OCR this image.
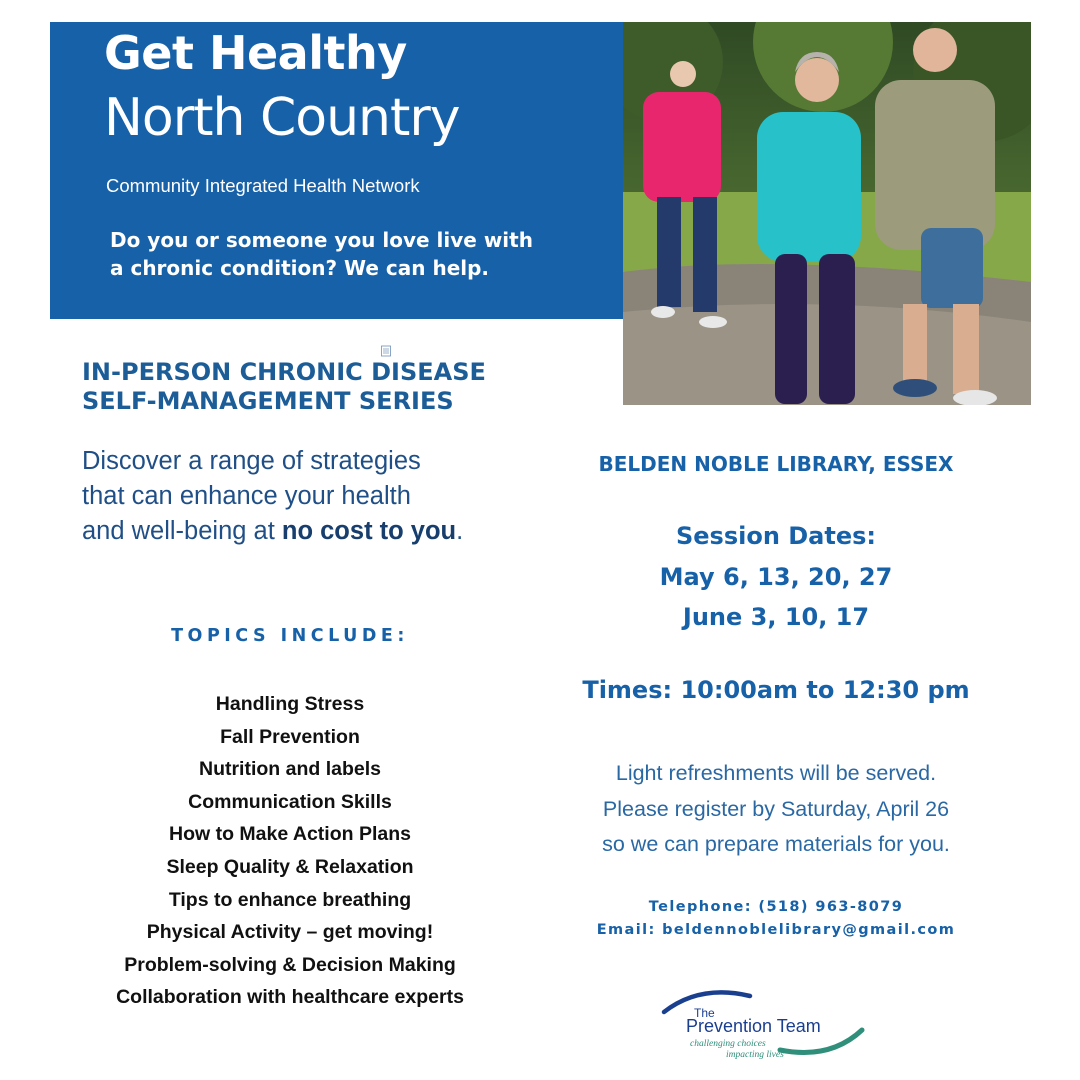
Get Healthy
North Country
Community Integrated Health Network
Do you or someone you love live with
a chronic condition? We can help.
IN-PERSON CHRONIC DISEASE
SELF-MANAGEMENT SERIES
Discover a range of strategies
that can enhance your health
and well-being at no cost to you.
TOPICS INCLUDE:
Handling Stress
Fall Prevention
Nutrition and labels
Communication Skills
How to Make Action Plans
Sleep Quality & Relaxation
Tips to enhance breathing
Physical Activity – get moving!
Problem-solving & Decision Making
Collaboration with healthcare experts
BELDEN NOBLE LIBRARY, ESSEX
Session Dates:
May 6, 13, 20, 27
June 3, 10, 17
Times: 10:00am to 12:30 pm
Light refreshments will be served.
Please register by Saturday, April 26
so we can prepare materials for you.
Telephone: (518) 963-8079
Email: beldennoblelibrary@gmail.com
The
Prevention Team
challenging choices
impacting lives
